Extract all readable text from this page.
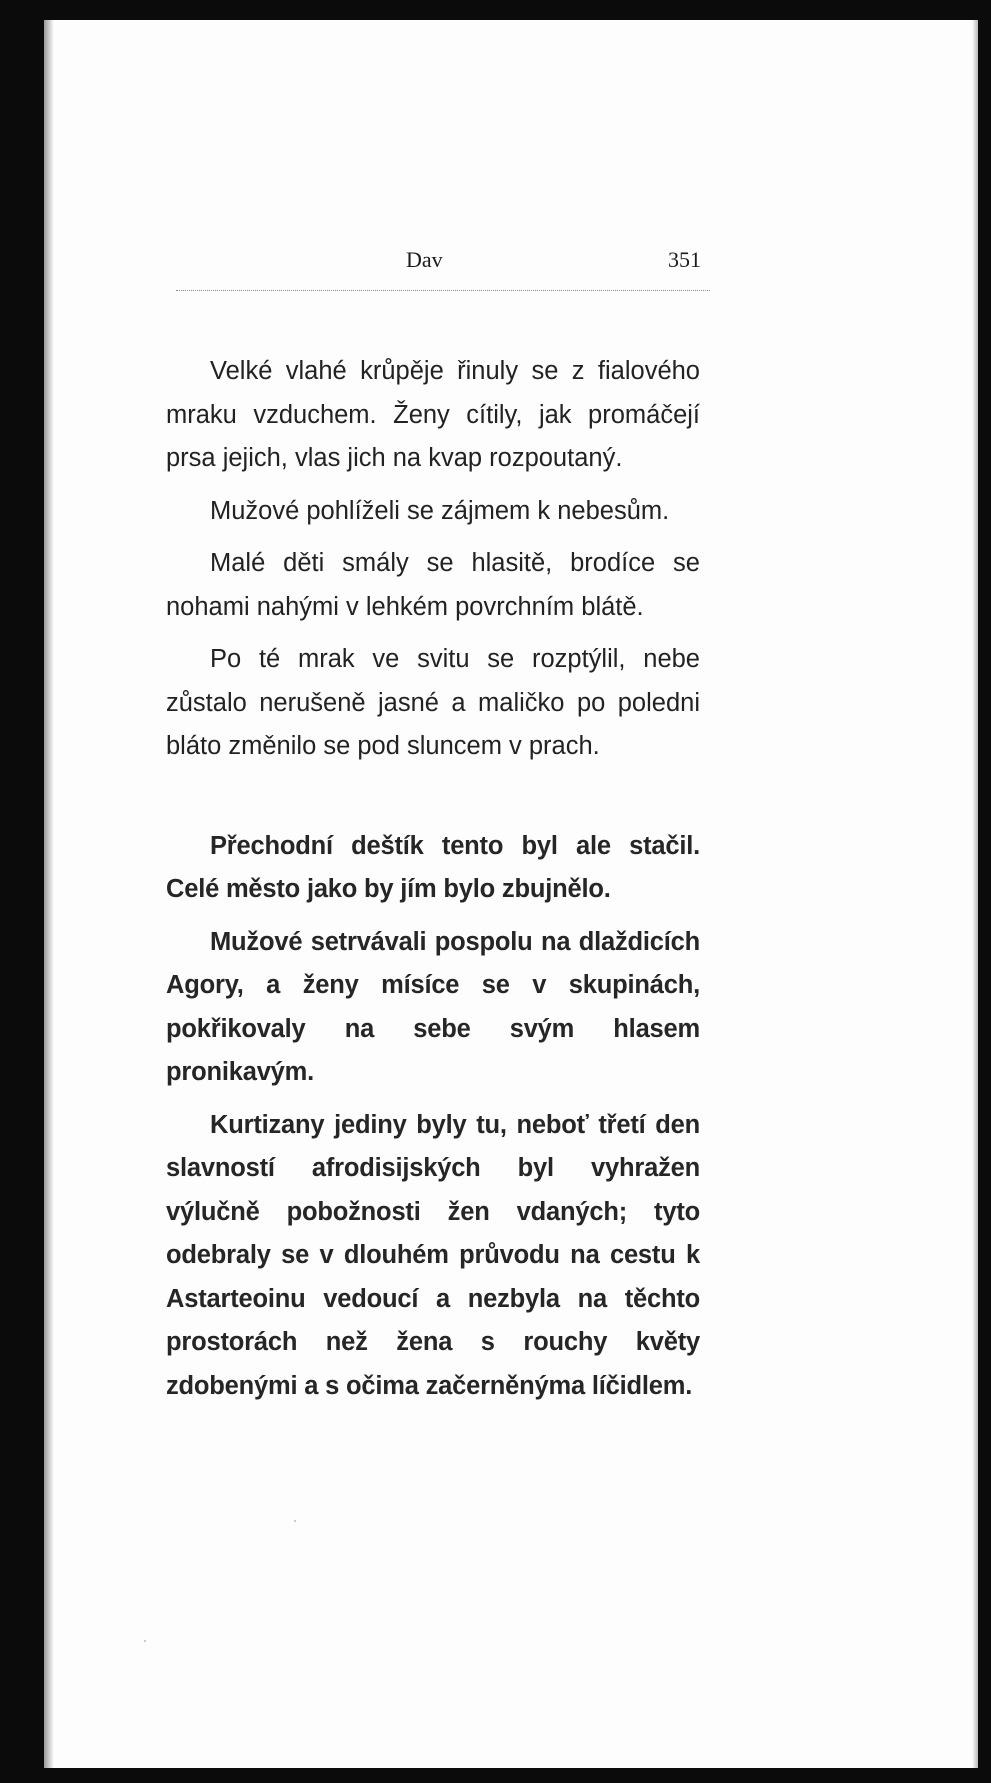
Dav	351

Velké vlahé krůpěje řinuly se z fialového mraku vzduchem. Ženy cítily, jak promáčejí prsa jejich, vlas jich na kvap rozpoutaný.

Mužové pohlíželi se zájmem k nebesům.

Malé děti smály se hlasitě, brodíce se nohami nahými v lehkém povrchním blátě.

Po té mrak ve svitu se rozptýlil, nebe zůstalo nerušeně jasné a maličko po poledni bláto změnilo se pod sluncem v prach.

Přechodní deštík tento byl ale stačil. Celé město jako by jím bylo zbujnělo.

Mužové setrvávali pospolu na dlaždicích Agory, a ženy mísíce se v skupinách, pokřikovaly na sebe svým hlasem pronikavým.

Kurtizany jediny byly tu, neboť třetí den slavností afrodisijských byl vyhražen výlučně pobožnosti žen vdaných; tyto odebraly se v dlouhém průvodu na cestu k Astarteoinu vedoucí a nezbyla na těchto prostorách než žena s rouchy květy zdobenými a s očima začerněnýma líčidlem.
